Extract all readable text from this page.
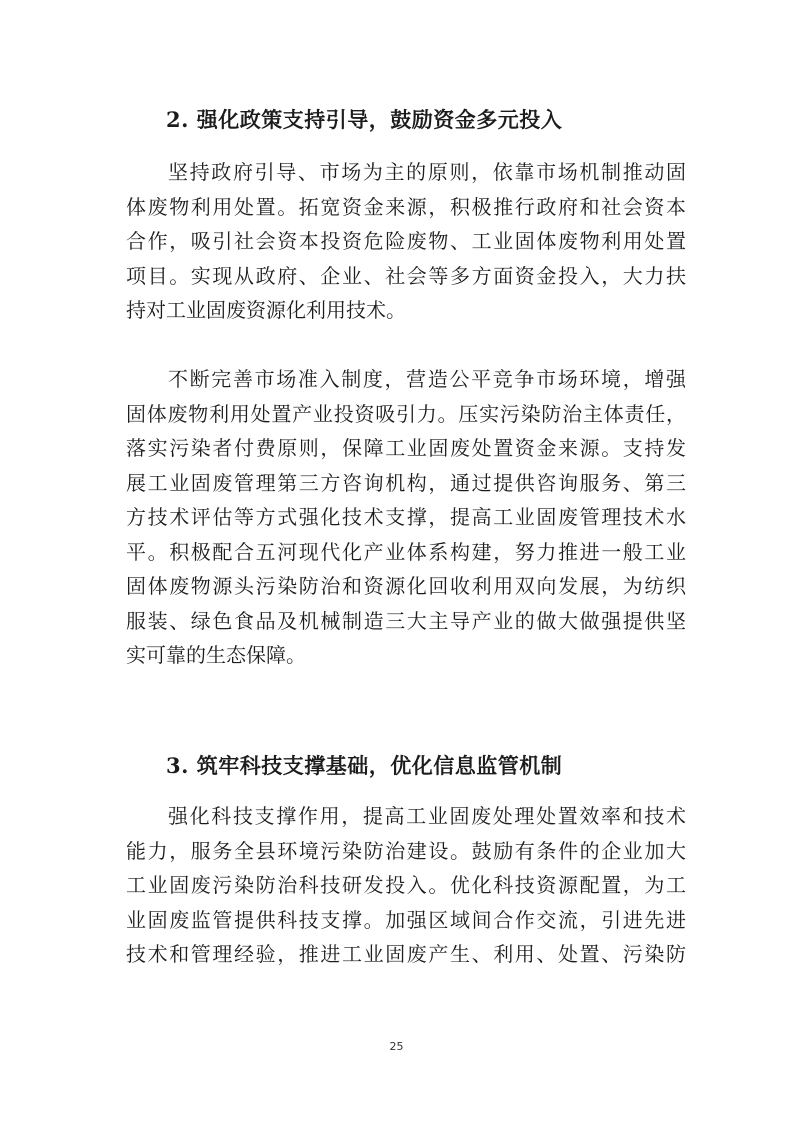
2. 强化政策支持引导，鼓励资金多元投入
坚持政府引导、市场为主的原则，依靠市场机制推动固
体废物利用处置。拓宽资金来源，积极推行政府和社会资本
合作，吸引社会资本投资危险废物、工业固体废物利用处置
项目。实现从政府、企业、社会等多方面资金投入，大力扶
持对工业固废资源化利用技术。
不断完善市场准入制度，营造公平竞争市场环境，增强
固体废物利用处置产业投资吸引力。压实污染防治主体责任，
落实污染者付费原则，保障工业固废处置资金来源。支持发
展工业固废管理第三方咨询机构，通过提供咨询服务、第三
方技术评估等方式强化技术支撑，提高工业固废管理技术水
平。积极配合五河现代化产业体系构建，努力推进一般工业
固体废物源头污染防治和资源化回收利用双向发展，为纺织
服装、绿色食品及机械制造三大主导产业的做大做强提供坚
实可靠的生态保障。
3. 筑牢科技支撑基础，优化信息监管机制
强化科技支撑作用，提高工业固废处理处置效率和技术
能力，服务全县环境污染防治建设。鼓励有条件的企业加大
工业固废污染防治科技研发投入。优化科技资源配置，为工
业固废监管提供科技支撑。加强区域间合作交流，引进先进
技术和管理经验，推进工业固废产生、利用、处置、污染防
25
